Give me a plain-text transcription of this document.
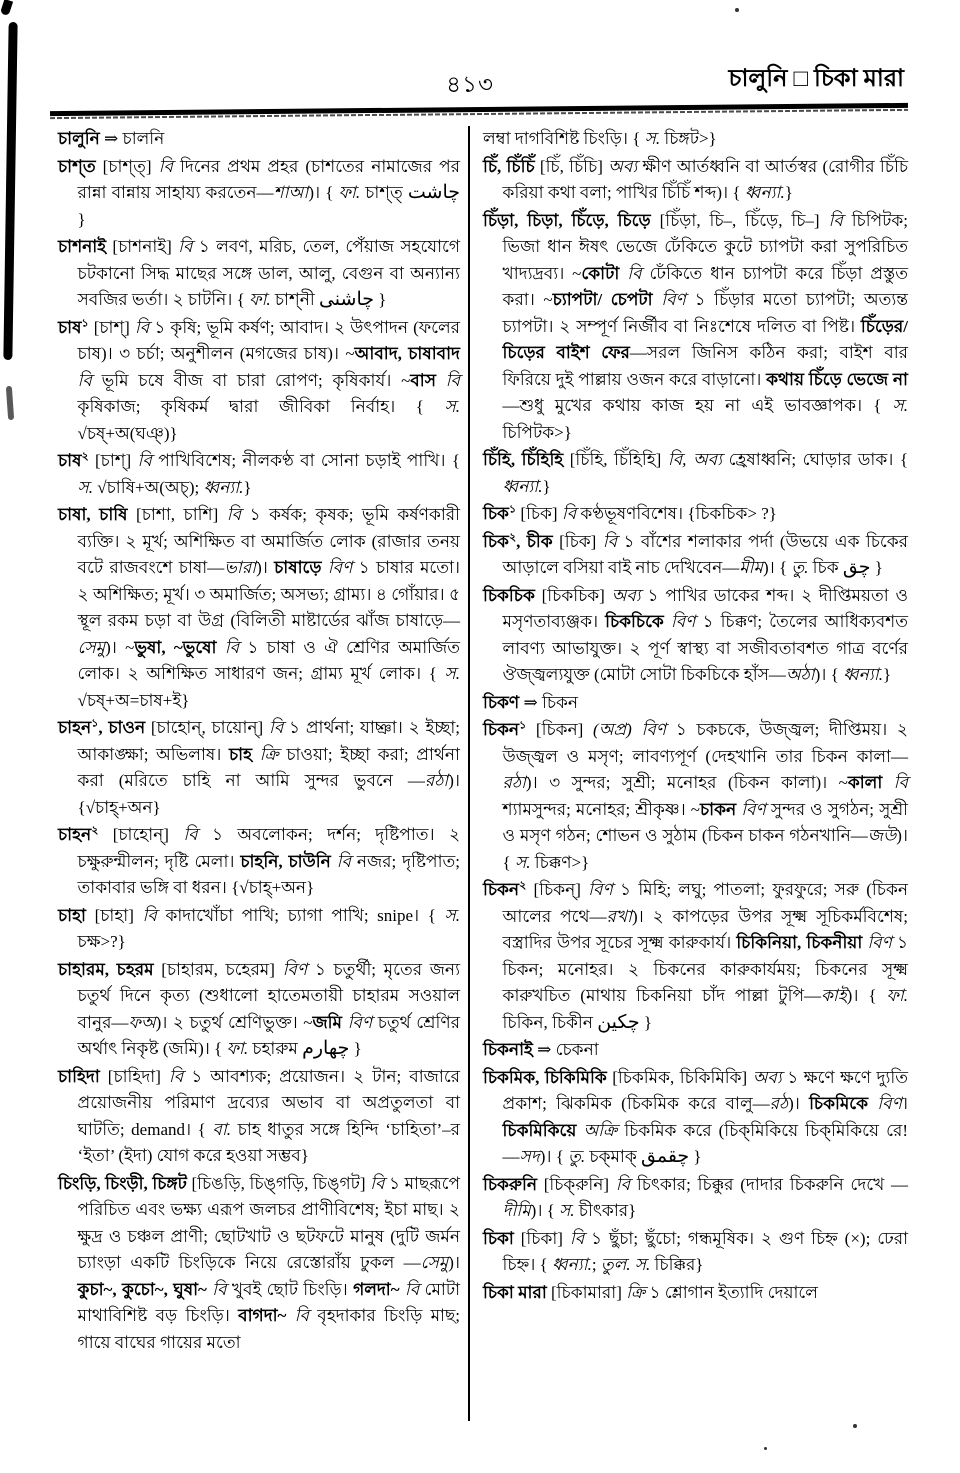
৪১৩	চালুনি □ চিকা মারা

চালুনি ⇒ চালনি

চাশ্‌ত [চাশ্‌ত্] বি দিনের প্রথম প্রহর (চাশতের নামাজের পর রান্না বান্নায় সাহায্য করতেন—শাআ)। { ফা. চাশ্‌ত্ چاشت }

চাশনাই [চাশনাই] বি ১ লবণ, মরিচ, তেল, পেঁয়াজ সহযোগে চটকানো সিদ্ধ মাছের সঙ্গে ডাল, আলু, বেগুন বা অন্যান্য সবজির ভর্তা। ২ চাটনি। { ফা. চাশ্‌নী چاشنی }

চাষ$^১$ [চাশ্] বি ১ কৃষি; ভূমি কর্ষণ; আবাদ। ২ উৎপাদন (ফলের চাষ)। ৩ চর্চা; অনুশীলন (মগজের চাষ)। ~আবাদ, চাষাবাদ বি ভূমি চষে বীজ বা চারা রোপণ; কৃষিকার্য। ~বাস বি কৃষিকাজ; কৃষিকর্ম দ্বারা জীবিকা নির্বাহ। { স. √চষ্+অ(ঘঞ্)}

চাষ$^২$ [চাশ্] বি পাখিবিশেষ; নীলকণ্ঠ বা সোনা চড়াই পাখি। { স. √চাষি+অ(অচ্); ধ্বন্যা.}

চাষা, চাষি [চাশা, চাশি] বি ১ কর্ষক; কৃষক; ভূমি কর্ষণকারী ব্যক্তি। ২ মূর্খ; অশিক্ষিত বা অমার্জিত লোক (রাজার তনয় বটে রাজবংশে চাষা—ভারা)। চাষাড়ে বিণ ১ চাষার মতো। ২ অশিক্ষিত; মূর্খ। ৩ অমার্জিত; অসভ্য; গ্রাম্য। ৪ গোঁয়ার। ৫ স্থূল রকম চড়া বা উগ্র (বিলিতী মাষ্টার্ডের ঝাঁজ চাষাড়ে—সেমু)। ~ভুষা, ~ভুষো বি ১ চাষা ও ঐ শ্রেণির অমার্জিত লোক। ২ অশিক্ষিত সাধারণ জন; গ্রাম্য মূর্খ লোক। { স. √চষ্+অ=চাষ+ই}

চাহন$^১$, চাওন [চাহোন্, চায়োন্] বি ১ প্রার্থনা; যাচ্ঞা। ২ ইচ্ছা; আকাঙ্ক্ষা; অভিলাষ। চাহ ক্রি চাওয়া; ইচ্ছা করা; প্রার্থনা করা (মরিতে চাহি না আমি সুন্দর ভুবনে —রঠা)। {√চাহ্+অন}

চাহন$^২$ [চাহোন্] বি ১ অবলোকন; দর্শন; দৃষ্টিপাত। ২ চক্ষুরুন্মীলন; দৃষ্টি মেলা। চাহনি, চাউনি বি নজর; দৃষ্টিপাত; তাকাবার ভঙ্গি বা ধরন। {√চাহ্+অন}

চাহা [চাহা] বি কাদাখোঁচা পাখি; চ্যাগা পাখি; snipe। { স. চক্ষ>?}

চাহারম, চহরম [চাহারম, চহেরম] বিণ ১ চতুর্থী; মৃতের জন্য চতুর্থ দিনে কৃত্য (শুধালো হাতেমতায়ী চাহারম সওয়াল বানুর—ফঅ)। ২ চতুর্থ শ্রেণিভুক্ত। ~জমি বিণ চতুর্থ শ্রেণির অর্থাৎ নিকৃষ্ট (জমি)। { ফা. চহারুম چهارم }

চাহিদা [চাহিদা] বি ১ আবশ্যক; প্রয়োজন। ২ টান; বাজারে প্রয়োজনীয় পরিমাণ দ্রব্যের অভাব বা অপ্রতুলতা বা ঘাটতি; demand। { বা. চাহ ধাতুর সঙ্গে হিন্দি ‘চাহিতা’–র ‘ইতা’ (ইদা) যোগ করে হওয়া সম্ভব}

চিংড়ি, চিংড়ী, চিঙ্গট [চিঙড়ি, চিঙ্‌গড়ি, চিঙ্‌গট] বি ১ মাছরূপে পরিচিত এবং ভক্ষ্য এরূপ জলচর প্রাণীবিশেষ; ইচা মাছ। ২ ক্ষুদ্র ও চঞ্চল প্রাণী; ছোটখাট ও ছটফটে মানুষ (দুটি জর্মন চ্যাংড়া একটি চিংড়িকে নিয়ে রেস্তোরাঁয় ঢুকল —সেমু)। কুচা~, কুচো~, ঘুষা~ বি খুবই ছোট চিংড়ি। গলদা~ বি মোটা মাথাবিশিষ্ট বড় চিংড়ি। বাগদা~ বি বৃহদাকার চিংড়ি মাছ; গায়ে বাঘের গায়ের মতো

লম্বা দাগবিশিষ্ট চিংড়ি। { স. চিঙ্গট>}

চিঁ, চিঁচিঁ [চিঁ, চিঁচি] অব্য ক্ষীণ আর্তধ্বনি বা আর্তস্বর (রোগীর চিঁচি করিয়া কথা বলা; পাখির চিঁচিঁ শব্দ)। { ধ্বন্যা.}

চিঁড়া, চিড়া, চিঁড়ে, চিড়ে [চিঁড়া, চি–, চিঁড়ে, চি–] বি চিপিটক; ভিজা ধান ঈষৎ ভেজে ঢেঁকিতে কুটে চ্যাপটা করা সুপরিচিত খাদ্যদ্রব্য। ~কোটা বি ঢেঁকিতে ধান চ্যাপটা করে চিঁড়া প্রস্তুত করা। ~চ্যাপটা/ চেপটা বিণ ১ চিঁড়ার মতো চ্যাপটা; অত্যন্ত চ্যাপটা। ২ সম্পূর্ণ নির্জীব বা নিঃশেষে দলিত বা পিষ্ট। চিঁড়ের/চিড়ের বাইশ ফের—সরল জিনিস কঠিন করা; বাইশ বার ফিরিয়ে দুই পাল্লায় ওজন করে বাড়ানো। কথায় চিঁড়ে ভেজে না—শুধু মুখের কথায় কাজ হয় না এই ভাবজ্ঞাপক। { স. চিপিটক>}

চিঁহি, চিঁহিহি [চিঁহি, চিঁহিহি] বি, অব্য হ্রেষাধ্বনি; ঘোড়ার ডাক। { ধ্বন্যা.}

চিক$^১$ [চিক] বি কণ্ঠভূষণবিশেষ। {চিকচিক> ?}

চিক$^২$, চীক [চিক] বি ১ বাঁশের শলাকার পর্দা (উভয়ে এক চিকের আড়ালে বসিয়া বাই নাচ দেখিবেন—মীম)। { তু. চিক چق }

চিকচিক [চিকচিক] অব্য ১ পাখির ডাকের শব্দ। ২ দীপ্তিময়তা ও মসৃণতাব্যঞ্জক। চিকচিকে বিণ ১ চিক্কণ; তৈলের আধিক্যবশত লাবণ্য আভাযুক্ত। ২ পূর্ণ স্বাস্থ্য বা সজীবতাবশত গাত্র বর্ণের ঔজ্জ্বল্যযুক্ত (মোটা সোটা চিকচিকে হাঁস—অঠা)। { ধ্বন্যা.}

চিকণ ⇒ চিকন

চিকন$^১$ [চিকন] (অপ্র) বিণ ১ চকচকে, উজ্জ্বল; দীপ্তিময়। ২ উজ্জ্বল ও মসৃণ; লাবণ্যপূর্ণ (দেহখানি তার চিকন কালা—রঠা)। ৩ সুন্দর; সুশ্রী; মনোহর (চিকন কালা)। ~কালা বি শ্যামসুন্দর; মনোহর; শ্রীকৃষ্ণ। ~চাকন বিণ সুন্দর ও সুগঠন; সুশ্রী ও মসৃণ গঠন; শোভন ও সুঠাম (চিকন চাকন গঠনখানি—জউ)। { স. চিক্কণ>}

চিকন$^২$ [চিকন্] বিণ ১ মিহি; লঘু; পাতলা; ফুরফুরে; সরু (চিকন আলের পথে—রখা)। ২ কাপড়ের উপর সূক্ষ্ম সূচিকর্মবিশেষ; বস্ত্রাদির উপর সূচের সূক্ষ্ম কারুকার্য। চিকিনিয়া, চিকনীয়া বিণ ১ চিকন; মনোহর। ২ চিকনের কারুকার্যময়; চিকনের সূক্ষ্ম কারুখচিত (মাথায় চিকনিয়া চাঁদ পাল্লা টুপি—কাই)। { ফা. চিকিন, চিকীন چكين }

চিকনাই ⇒ চেকনা

চিকমিক, চিকিমিকি [চিকমিক, চিকিমিকি] অব্য ১ ক্ষণে ক্ষণে দ্যুতি প্রকাশ; ঝিকমিক (চিকমিক করে বালু—রঠ)। চিকমিকে বিণ। চিকমিকিয়ে অক্রি চিকমিক করে (চিক্‌মিকিয়ে চিক্‌মিকিয়ে রে! —সদ)। { তু. চক্‌মাক্ چقمق }

চিকরুনি [চিক্‌রুনি] বি চিৎকার; চিক্কুর (দাদার চিকরুনি দেখে —দীমি)। { স. চীৎকার}

চিকা [চিকা] বি ১ ছুঁচা; ছুঁচো; গন্ধমূষিক। ২ গুণ চিহ্ন (×); ঢেরা চিহ্ন। { ধ্বন্যা.; তুল. স. চিক্কির}

চিকা মারা [চিকামারা] ক্রি ১ শ্লোগান ইত্যাদি দেয়ালে
